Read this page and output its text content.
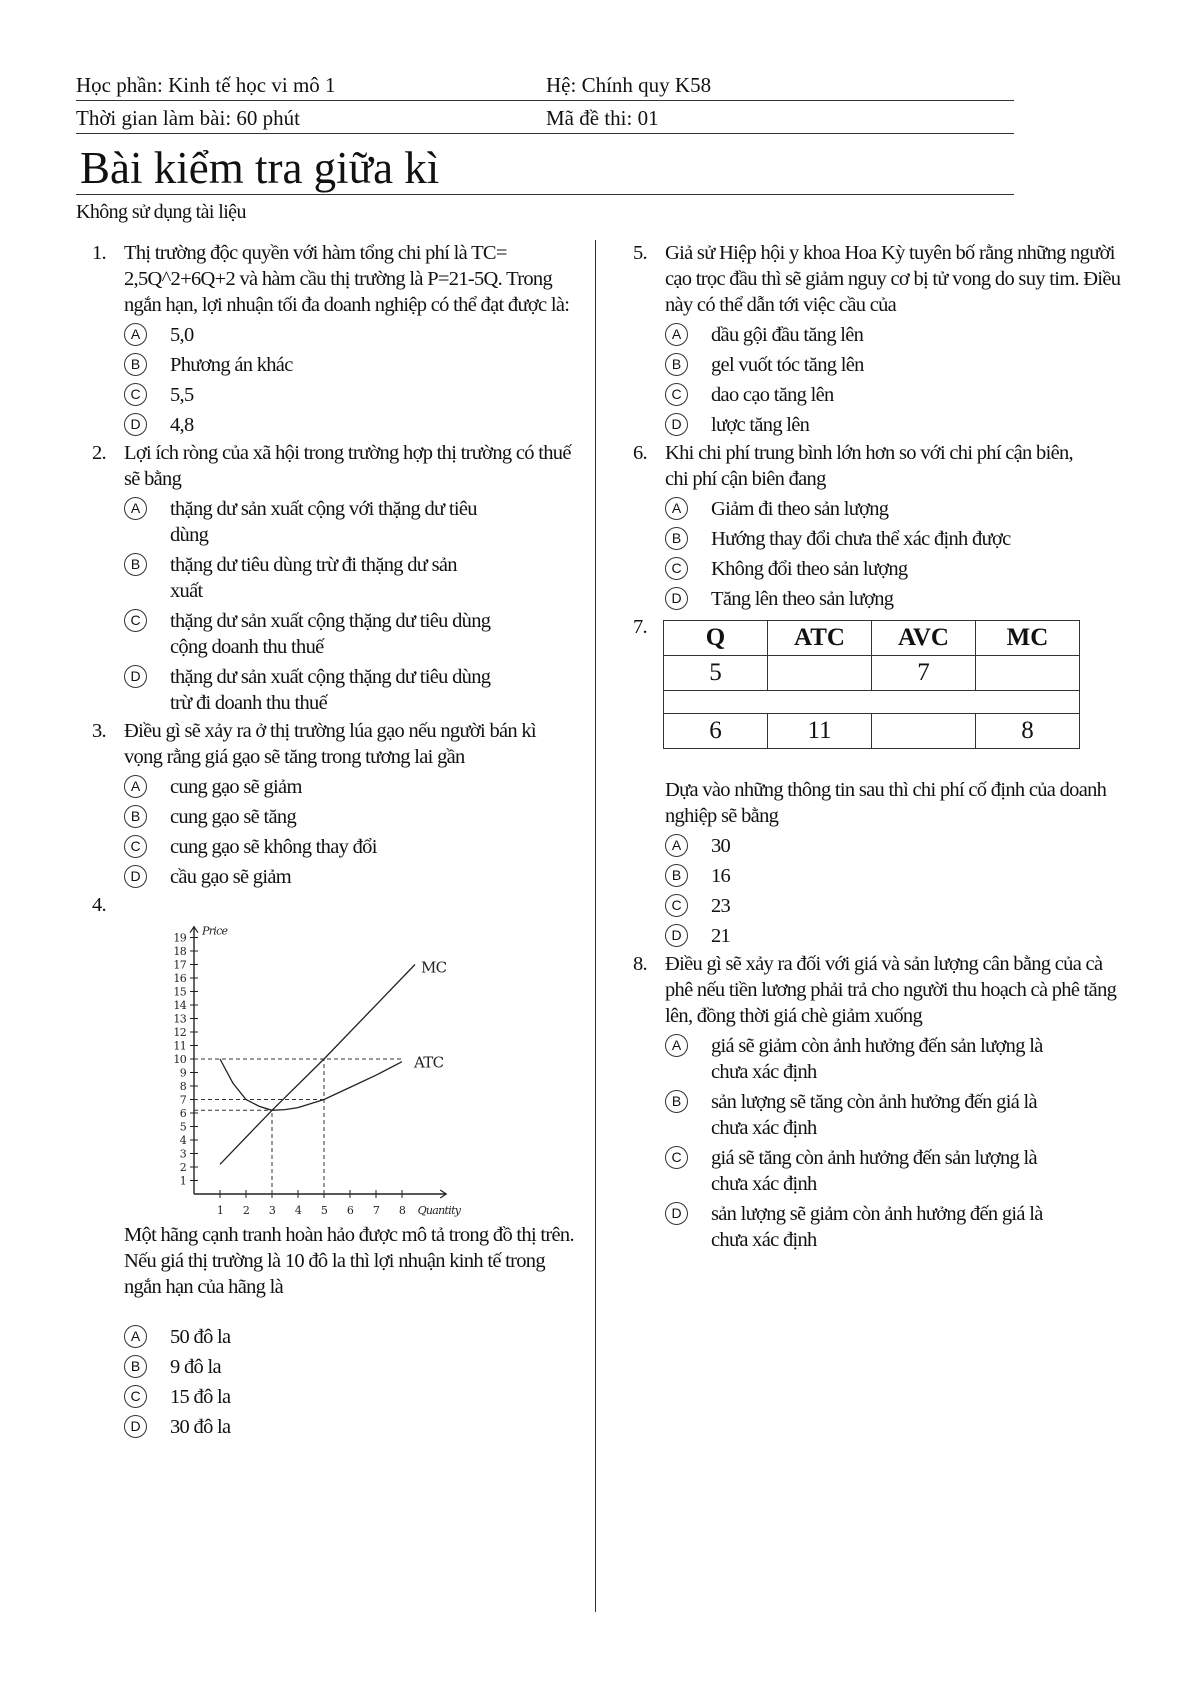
Học phần: Kinh tế học vi mô 1	Hệ: Chính quy K58
Thời gian làm bài: 60 phút	Mã đề thi: 01
Bài kiểm tra giữa kì
Không sử dụng tài liệu
1. Thị trường độc quyền với hàm tổng chi phí là TC= 2,5Q^2+6Q+2 và hàm cầu thị trường là P=21-5Q. Trong ngắn hạn, lợi nhuận tối đa doanh nghiệp có thể đạt được là:
A	5,0
B	Phương án khác
C	5,5
D	4,8
2. Lợi ích ròng của xã hội trong trường hợp thị trường có thuế sẽ bằng
A	thặng dư sản xuất cộng với thặng dư tiêu dùng
B	thặng dư tiêu dùng trừ đi thặng dư sản xuất
C	thặng dư sản xuất cộng thặng dư tiêu dùng cộng doanh thu thuế
D	thặng dư sản xuất cộng thặng dư tiêu dùng trừ đi doanh thu thuế
3. Điều gì sẽ xảy ra ở thị trường lúa gạo nếu người bán kì vọng rằng giá gạo sẽ tăng trong tương lai gần
A	cung gạo sẽ giảm
B	cung gạo sẽ tăng
C	cung gạo sẽ không thay đổi
D	cầu gạo sẽ giảm
4.

1
2
3
4
5
6
7
8
9
10
11
12
13
14
15
16
17
18
19
1 2 3 4 5 6 7 8
Price
Quantity
MC
ATC
Một hãng cạnh tranh hoàn hảo được mô tả trong đồ thị trên. Nếu giá thị trường là 10 đô la thì lợi nhuận kinh tế trong ngắn hạn của hãng là
A	50 đô la
B	9 đô la
C	15 đô la
D	30 đô la
5. Giả sử Hiệp hội y khoa Hoa Kỳ tuyên bố rằng những người cạo trọc đầu thì sẽ giảm nguy cơ bị tử vong do suy tim. Điều này có thể dẫn tới việc cầu của
A	dầu gội đầu tăng lên
B	gel vuốt tóc tăng lên
C	dao cạo tăng lên
D	lược tăng lên
6. Khi chi phí trung bình lớn hơn so với chi phí cận biên, chi phí cận biên đang
A	Giảm đi theo sản lượng
B	Hướng thay đổi chưa thể xác định được
C	Không đổi theo sản lượng
D	Tăng lên theo sản lượng
7.
Q	ATC	AVC	MC
5		7	

6	11		8
Dựa vào những thông tin sau thì chi phí cố định của doanh nghiệp sẽ bằng
A	30
B	16
C	23
D	21
8. Điều gì sẽ xảy ra đối với giá và sản lượng cân bằng của cà phê nếu tiền lương phải trả cho người thu hoạch cà phê tăng lên, đồng thời giá chè giảm xuống
A	giá sẽ giảm còn ảnh hưởng đến sản lượng là chưa xác định
B	sản lượng sẽ tăng còn ảnh hưởng đến giá là chưa xác định
C	giá sẽ tăng còn ảnh hưởng đến sản lượng là chưa xác định
D	sản lượng sẽ giảm còn ảnh hưởng đến giá là chưa xác định
